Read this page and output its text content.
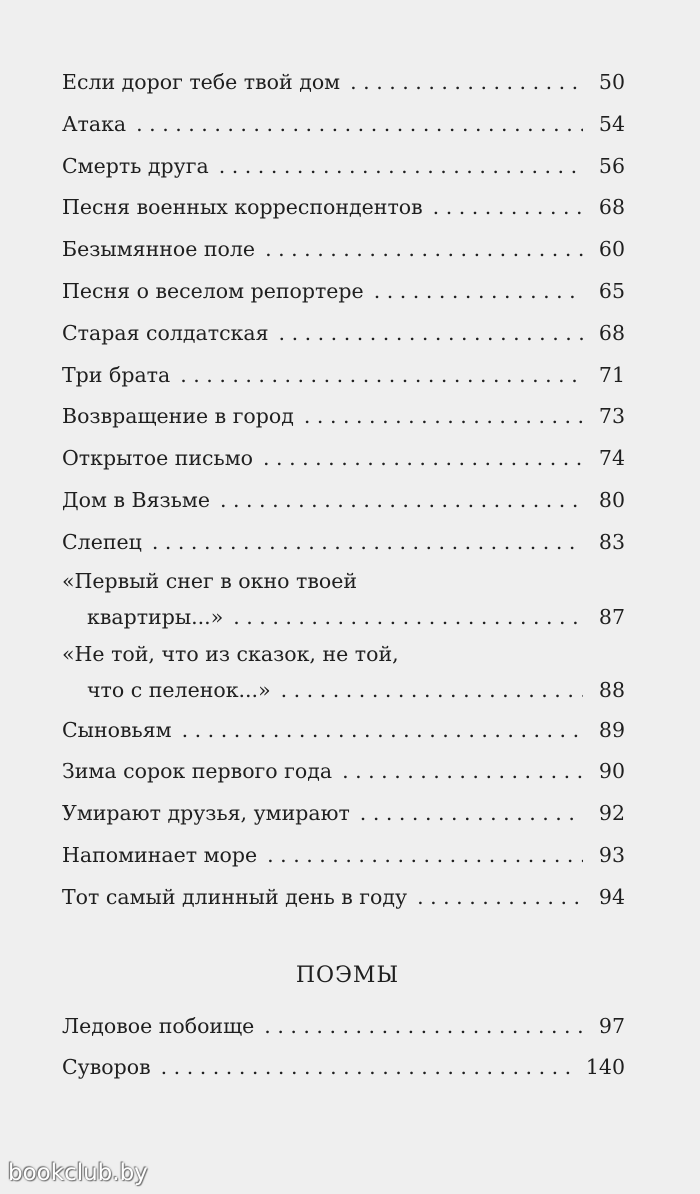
Если дорог тебе твой дом . . .	50
Атака . . .	54
Смерть друга . . .	56
Песня военных корреспондентов . . .	68
Безымянное поле . . .	60
Песня о веселом репортере . . .	65
Старая солдатская . . .	68
Три брата . . .	71
Возвращение в город . . .	73
Открытое письмо . . .	74
Дом в Вязьме . . .	80
Слепец . . .	83
«Первый снег в окно твоей
квартиры...» . . .	87
«Не той, что из сказок, не той,
что с пеленок...» . . .	88
Сыновьям . . .	89
Зима сорок первого года . . .	90
Умирают друзья, умирают . . .	92
Напоминает море . . .	93
Тот самый длинный день в году . . .	94
ПОЭМЫ
Ледовое побоище . . .	97
Суворов . . .	140
bookclub.by
